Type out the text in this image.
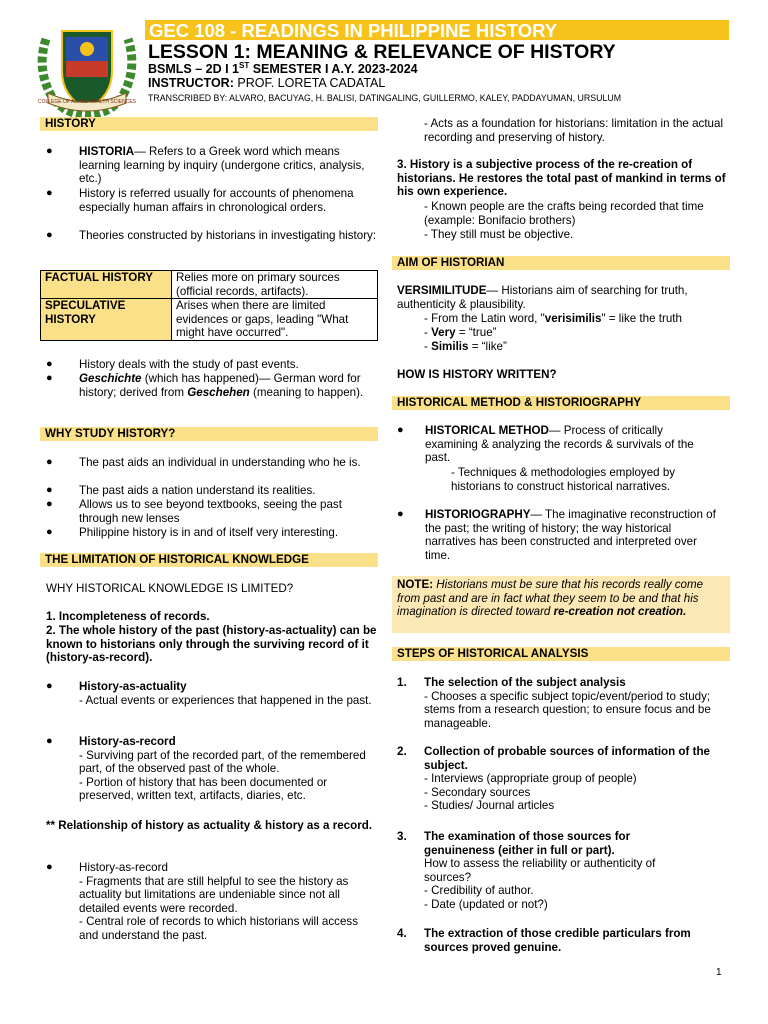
COLLEGE OF ALLIED HEALTH SCIENCES
GEC 108 - READINGS IN PHILIPPINE HISTORY
LESSON 1: MEANING & RELEVANCE OF HISTORY
BSMLS – 2D I 1ST SEMESTER I A.Y. 2023-2024
INSTRUCTOR: PROF. LORETA CADATAL
TRANSCRIBED BY: ALVARO, BACUYAG, H. BALISI, DATINGALING, GUILLERMO, KALEY, PADDAYUMAN, URSULUM
HISTORY
● HISTORIA— Refers to a Greek word which means learning learning by inquiry (undergone critics, analysis, etc.)
● History is referred usually for accounts of phenomena especially human affairs in chronological orders.
● Theories constructed by historians in investigating history:
FACTUAL HISTORY	Relies more on primary sources (official records, artifacts).
SPECULATIVE HISTORY	Arises when there are limited evidences or gaps, leading "What might have occurred".
● History deals with the study of past events.
● Geschichte (which has happened)— German word for history; derived from Geschehen (meaning to happen).
WHY STUDY HISTORY?
● The past aids an individual in understanding who he is.
● The past aids a nation understand its realities.
● Allows us to see beyond textbooks, seeing the past through new lenses
● Philippine history is in and of itself very interesting.
THE LIMITATION OF HISTORICAL KNOWLEDGE
WHY HISTORICAL KNOWLEDGE IS LIMITED?
1. Incompleteness of records.
2. The whole history of the past (history-as-actuality) can be known to historians only through the surviving record of it (history-as-record).
● History-as-actuality
- Actual events or experiences that happened in the past.
● History-as-record
- Surviving part of the recorded part, of the remembered part, of the observed past of the whole.
- Portion of history that has been documented or preserved, written text, artifacts, diaries, etc.
** Relationship of history as actuality & history as a record.
● History-as-record
- Fragments that are still helpful to see the history as actuality but limitations are undeniable since not all detailed events were recorded.
- Central role of records to which historians will access and understand the past.
- Acts as a foundation for historians: limitation in the actual recording and preserving of history.
3. History is a subjective process of the re-creation of historians. He restores the total past of mankind in terms of his own experience.
- Known people are the crafts being recorded that time (example: Bonifacio brothers)
- They still must be objective.
AIM OF HISTORIAN
VERSIMILITUDE— Historians aim of searching for truth, authenticity & plausibility.
- From the Latin word, "verisimilis" = like the truth
- Very = “true”
- Similis = “like”
HOW IS HISTORY WRITTEN?
HISTORICAL METHOD & HISTORIOGRAPHY
● HISTORICAL METHOD— Process of critically examining & analyzing the records & survivals of the past.
- Techniques & methodologies employed by historians to construct historical narratives.
● HISTORIOGRAPHY— The imaginative reconstruction of the past; the writing of history; the way historical narratives has been constructed and interpreted over time.
NOTE: Historians must be sure that his records really come from past and are in fact what they seem to be and that his imagination is directed toward re-creation not creation.
STEPS OF HISTORICAL ANALYSIS
1. The selection of the subject analysis
- Chooses a specific subject topic/event/period to study; stems from a research question; to ensure focus and be manageable.
2. Collection of probable sources of information of the subject.
- Interviews (appropriate group of people)
- Secondary sources
- Studies/ Journal articles
3. The examination of those sources for genuineness (either in full or part).
How to assess the reliability or authenticity of sources?
- Credibility of author.
- Date (updated or not?)
4. The extraction of those credible particulars from sources proved genuine.
1
